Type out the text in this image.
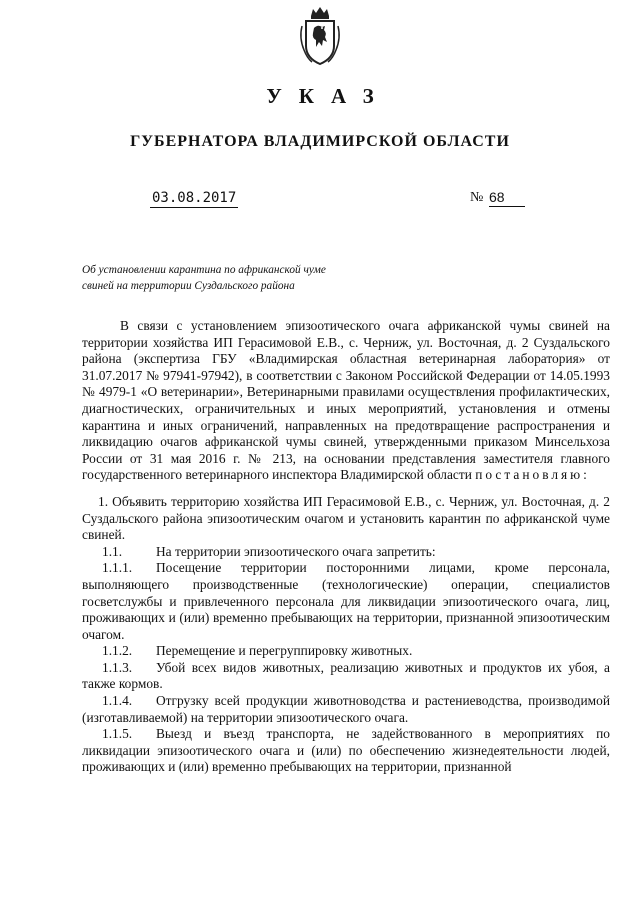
УКАЗ
ГУБЕРНАТОРА ВЛАДИМИРСКОЙ ОБЛАСТИ
03.08.2017	№ 68
Об установлении карантина по африканской чуме
свиней на территории Суздальского района

В связи с установлением эпизоотического очага африканской чумы свиней на территории хозяйства ИП Герасимовой Е.В., с. Черниж, ул. Восточная, д. 2 Суздальского района (экспертиза ГБУ «Владимирская областная ветеринарная лаборатория» от 31.07.2017 № 97941-97942), в соответствии с Законом Российской Федерации от 14.05.1993 № 4979-1 «О ветеринарии», Ветеринарными правилами осуществления профилактических, диагностических, ограничительных и иных мероприятий, установления и отмены карантина и иных ограничений, направленных на предотвращение распространения и ликвидацию очагов африканской чумы свиней, утвержденными приказом Минсельхоза России от 31 мая 2016 г. № 213, на основании представления заместителя главного государственного ветеринарного инспектора Владимирской области постановляю:

1. Объявить территорию хозяйства ИП Герасимовой Е.В., с. Черниж, ул. Восточная, д. 2 Суздальского района эпизоотическим очагом и установить карантин по африканской чуме свиней.

1.1.	На территории эпизоотического очага запретить:

1.1.1. Посещение территории посторонними лицами, кроме персонала, выполняющего производственные (технологические) операции, специалистов госветслужбы и привлеченного персонала для ликвидации эпизоотического очага, лиц, проживающих и (или) временно пребывающих на территории, признанной эпизоотическим очагом.

1.1.2. Перемещение и перегруппировку животных.

1.1.3. Убой всех видов животных, реализацию животных и продуктов их убоя, а также кормов.

1.1.4. Отгрузку всей продукции животноводства и растениеводства, производимой (изготавливаемой) на территории эпизоотического очага.

1.1.5. Выезд и въезд транспорта, не задействованного в мероприятиях по ликвидации эпизоотического очага и (или) по обеспечению жизнедеятельности людей, проживающих и (или) временно пребывающих на территории, признанной
